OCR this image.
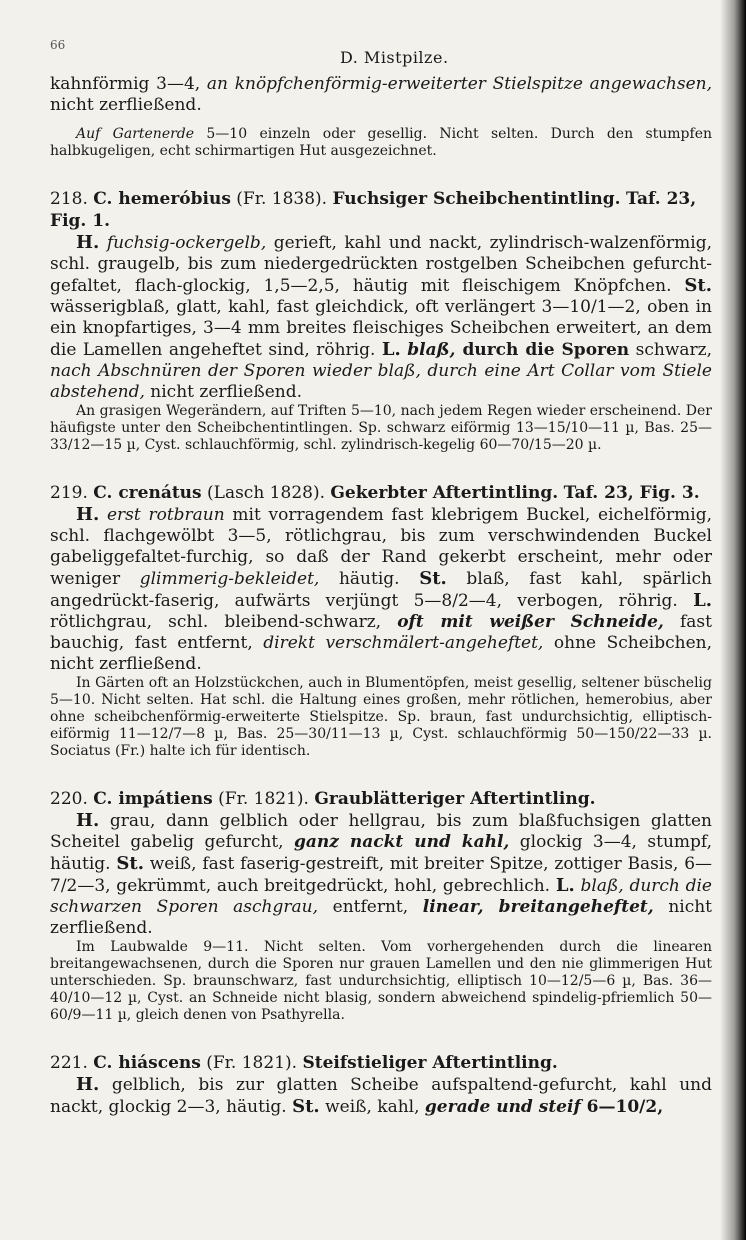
66
D. Mistpilze.

kahnförmig 3—4, an knöpfchenförmig-erweiterter Stielspitze angewachsen, nicht zerfließend.

Auf Gartenerde 5—10 einzeln oder gesellig. Nicht selten. Durch den stumpfen halbkugeligen, echt schirmartigen Hut ausgezeichnet.

218. C. hemeróbius (Fr. 1838). Fuchsiger Scheibchentintling. Taf. 23, Fig. 1.

H. fuchsig-ockergelb, gerieft, kahl und nackt, zylindrisch-walzenförmig, schl. graugelb, bis zum niedergedrückten rostgelben Scheibchen gefurcht-gefaltet, flach-glockig, 1,5—2,5, häutig mit fleischigem Knöpfchen. St. wässerigblaß, glatt, kahl, fast gleichdick, oft verlängert 3—10/1—2, oben in ein knopfartiges, 3—4 mm breites fleischiges Scheibchen erweitert, an dem die Lamellen angeheftet sind, röhrig. L. blaß, durch die Sporen schwarz, nach Abschnüren der Sporen wieder blaß, durch eine Art Collar vom Stiele abstehend, nicht zerfließend.

An grasigen Wegerändern, auf Triften 5—10, nach jedem Regen wieder erscheinend. Der häufigste unter den Scheibchentintlingen. Sp. schwarz eiförmig 13—15/10—11 µ, Bas. 25—33/12—15 µ, Cyst. schlauchförmig, schl. zylindrisch-kegelig 60—70/15—20 µ.

219. C. crenátus (Lasch 1828). Gekerbter Aftertintling. Taf. 23, Fig. 3.

H. erst rotbraun mit vorragendem fast klebrigem Buckel, eichelförmig, schl. flachgewölbt 3—5, rötlichgrau, bis zum verschwindenden Buckel gabeliggefaltet-furchig, so daß der Rand gekerbt erscheint, mehr oder weniger glimmerig-bekleidet, häutig. St. blaß, fast kahl, spärlich angedrückt-faserig, aufwärts verjüngt 5—8/2—4, verbogen, röhrig. L. rötlichgrau, schl. bleibend-schwarz, oft mit weißer Schneide, fast bauchig, fast entfernt, direkt verschmälert-angeheftet, ohne Scheibchen, nicht zerfließend.

In Gärten oft an Holzstückchen, auch in Blumentöpfen, meist gesellig, seltener büschelig 5—10. Nicht selten. Hat schl. die Haltung eines großen, mehr rötlichen, hemerobius, aber ohne scheibchenförmig-erweiterte Stielspitze. Sp. braun, fast undurchsichtig, elliptisch-eiförmig 11—12/7—8 µ, Bas. 25—30/11—13 µ, Cyst. schlauchförmig 50—150/22—33 µ. Sociatus (Fr.) halte ich für identisch.

220. C. impátiens (Fr. 1821). Graublätteriger Aftertintling.

H. grau, dann gelblich oder hellgrau, bis zum blaßfuchsigen glatten Scheitel gabelig gefurcht, ganz nackt und kahl, glockig 3—4, stumpf, häutig. St. weiß, fast faserig-gestreift, mit breiter Spitze, zottiger Basis, 6—7/2—3, gekrümmt, auch breitgedrückt, hohl, gebrechlich. L. blaß, durch die schwarzen Sporen aschgrau, entfernt, linear, breitangeheftet, nicht zerfließend.

Im Laubwalde 9—11. Nicht selten. Vom vorhergehenden durch die linearen breitangewachsenen, durch die Sporen nur grauen Lamellen und den nie glimmerigen Hut unterschieden. Sp. braunschwarz, fast undurchsichtig, elliptisch 10—12/5—6 µ, Bas. 36—40/10—12 µ, Cyst. an Schneide nicht blasig, sondern abweichend spindelig-pfriemlich 50—60/9—11 µ, gleich denen von Psathyrella.

221. C. hiáscens (Fr. 1821). Steifstieliger Aftertintling.

H. gelblich, bis zur glatten Scheibe aufspaltend-gefurcht, kahl und nackt, glockig 2—3, häutig. St. weiß, kahl, gerade und steif 6—10/2,
